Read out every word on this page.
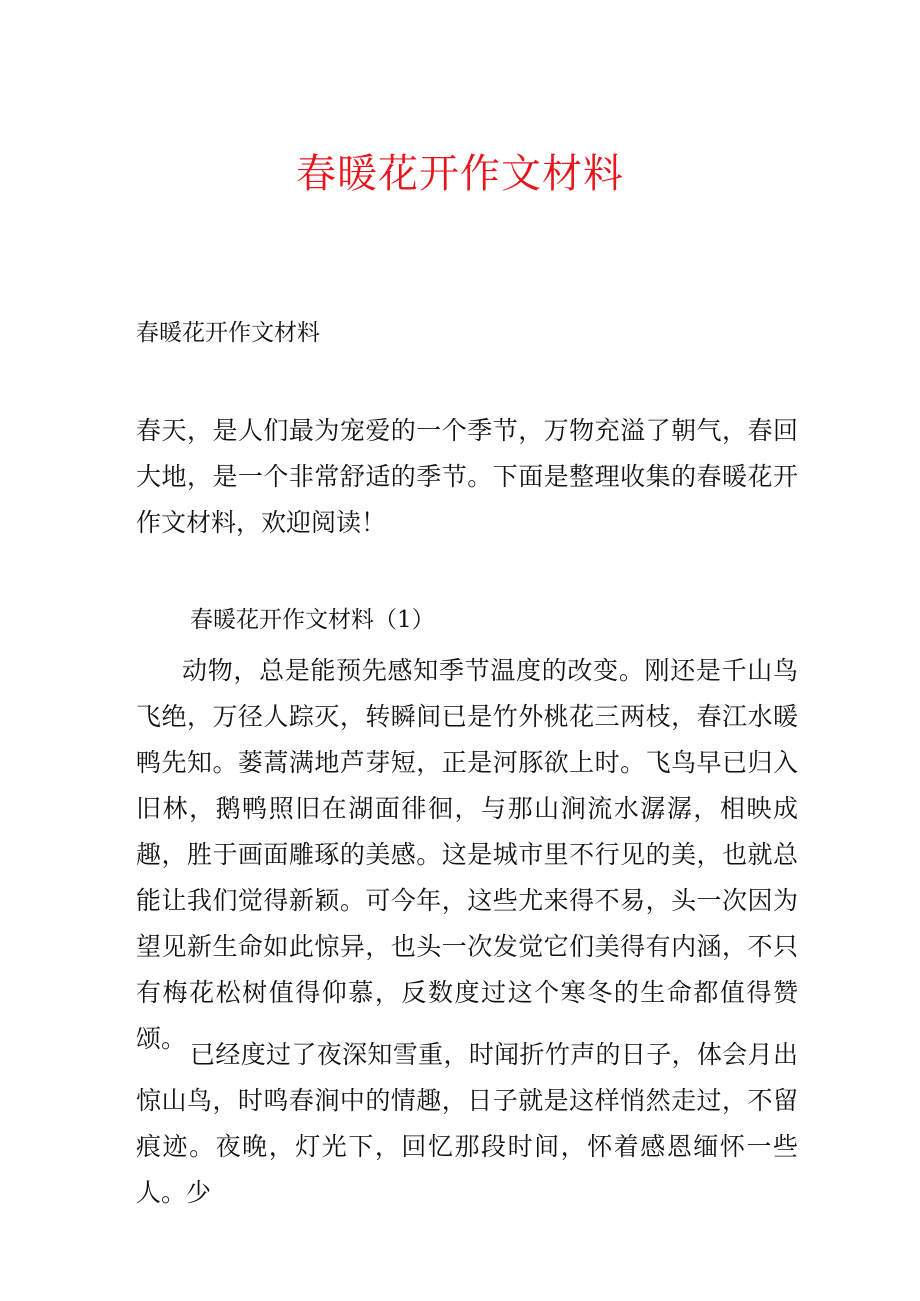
春暖花开作文材料
春暖花开作文材料

春天，是人们最为宠爱的一个季节，万物充溢了朝气，春回大地，是一个非常舒适的季节。下面是整理收集的春暖花开作文材料，欢迎阅读！

春暖花开作文材料（1）

动物，总是能预先感知季节温度的改变。刚还是千山鸟飞绝，万径人踪灭，转瞬间已是竹外桃花三两枝，春江水暖鸭先知。蒌蒿满地芦芽短，正是河豚欲上时。飞鸟早已归入旧林，鹅鸭照旧在湖面徘徊，与那山涧流水潺潺，相映成趣，胜于画面雕琢的美感。这是城市里不行见的美，也就总能让我们觉得新颖。可今年，这些尤来得不易，头一次因为望见新生命如此惊异，也头一次发觉它们美得有内涵，不只有梅花松树值得仰慕，反数度过这个寒冬的生命都值得赞颂。

已经度过了夜深知雪重，时闻折竹声的日子，体会月出惊山鸟，时鸣春涧中的情趣，日子就是这样悄然走过，不留痕迹。夜晚，灯光下，回忆那段时间，怀着感恩缅怀一些人。少
